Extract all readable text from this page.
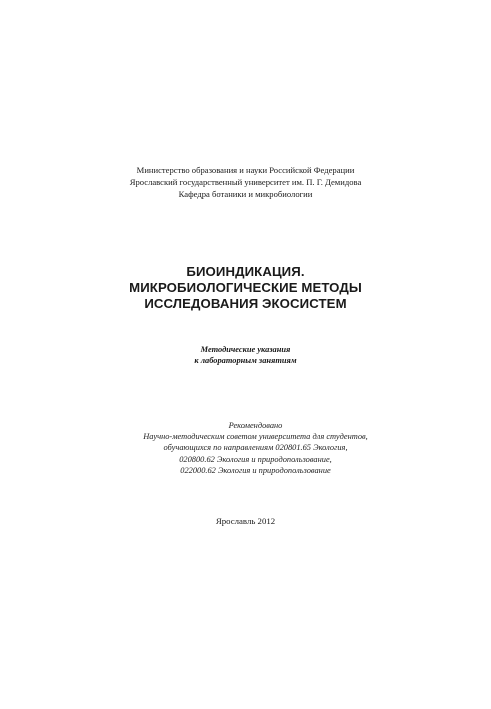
Министерство образования и науки Российской Федерации
Ярославский государственный университет им. П. Г. Демидова
Кафедра ботаники и микробиологии
БИОИНДИКАЦИЯ.
МИКРОБИОЛОГИЧЕСКИЕ МЕТОДЫ
ИССЛЕДОВАНИЯ ЭКОСИСТЕМ
Методические указания
к лабораторным занятиям
Рекомендовано
Научно-методическим советом университета для студентов,
обучающихся по направлениям 020801.65 Экология,
020800.62 Экология и природопользование,
022000.62 Экология и природопользование
Ярославль 2012
